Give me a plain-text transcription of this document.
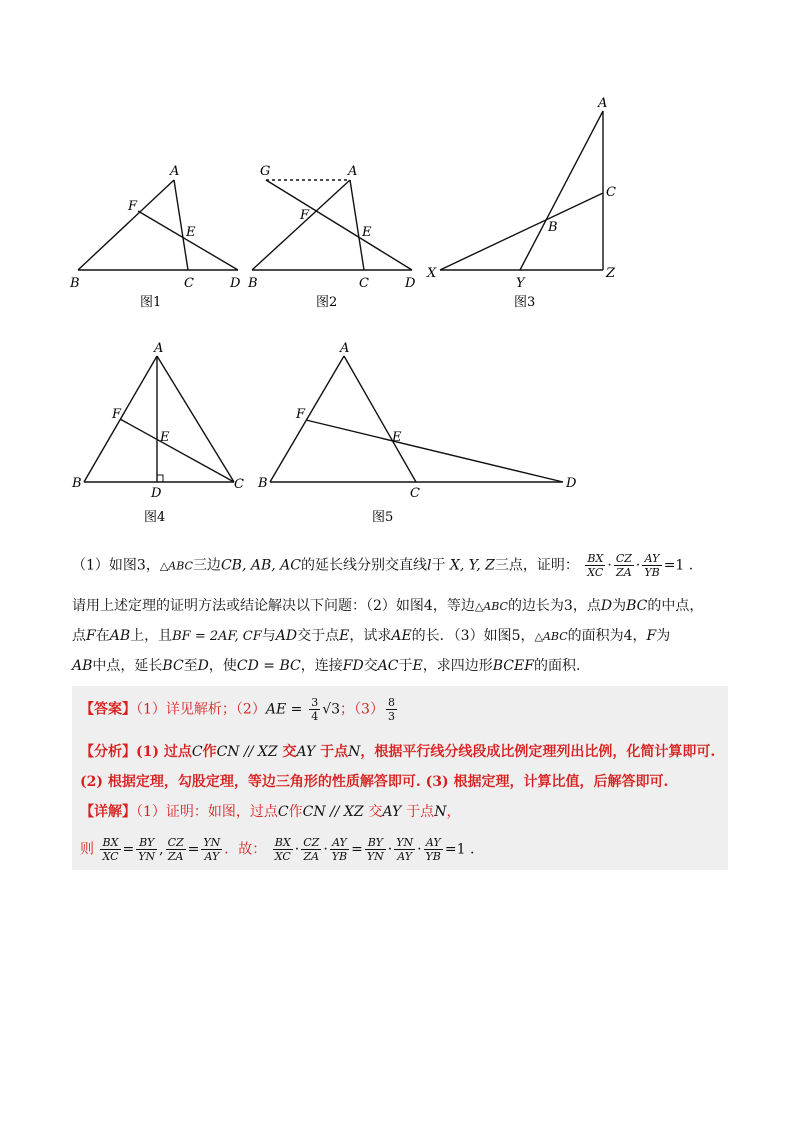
A
B	C	D
E
F
图1
G	A
B	C	D
E
F
图2
A
B
C
X
Y
Z
图3
A
B	C
D
E
F
图4
A
B
C
D
E
F
图5
（1）如图3，△ABC三边CB, AB, AC的延长线分别交直线l于 X, Y, Z三点，证明： $\frac{BX}{XC} \cdot \frac{CZ}{ZA} \cdot \frac{AY}{YB} =1$ .
请用上述定理的证明方法或结论解决以下问题：（2）如图4，等边△ABC的边长为3，点D为BC的中点，
点F在AB上，且BF = 2AF, CF与AD交于点E，试求AE的长．（3）如图5，△ABC的面积为4，F为
AB中点，延长BC至D，使CD = BC，连接FD交AC于E，求四边形BCEF的面积.
【答案】（1）详见解析；$(2)AE = \frac{3}{4} √3$；$(3) \frac{8}{3}$
【分析】(1) 过点C作CN // XZ 交AY 于点N，根据平行线分线段成比例定理列出比例，化简计算即可.
(2) 根据定理，勾股定理，等边三角形的性质解答即可. (3) 根据定理，计算比值，后解答即可.
【详解】（1）证明：如图，过点C作CN // XZ 交AY 于点N，
则 $\frac{BX}{XC} = \frac{BY}{YN}$ , $\frac{CZ}{ZA} = \frac{YN}{AY}$ ．故： $\frac{BX}{XC} \cdot \frac{CZ}{ZA} \cdot \frac{AY}{YB} = \frac{BY}{YN} \cdot \frac{YN}{AY} \cdot \frac{AY}{YB} =1$ .
